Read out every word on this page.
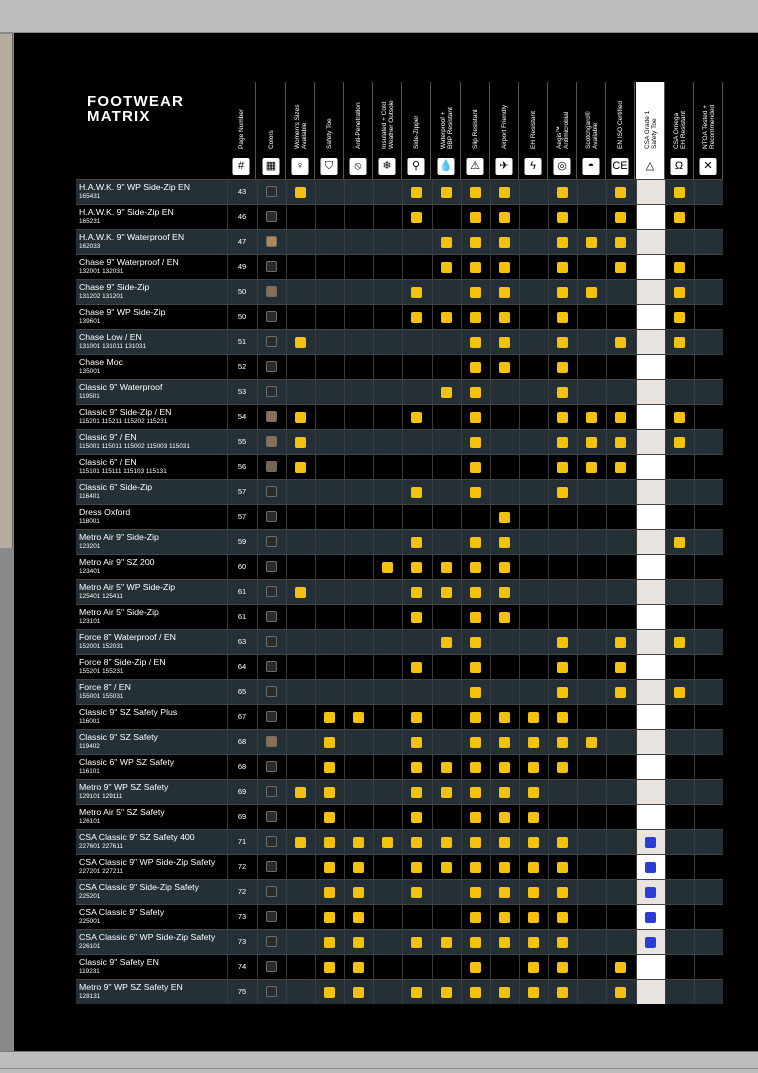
FOOTWEAR
MATRIX	Page Number
#
Colors
▦
Women's Sizes
Available
♀
Safety Toe
⛉
Anti-Penetration
⦸
Insulated + Cold
Weather Outsole
❄
Side-Zipper
⚲
Waterproof +
BBP Resistant
💧
Slip Resistant
⚠
Airport Friendly
✈
EH Resistant
ϟ
Aegis™
Antimicrobial
◎
Scotchgard®
Available
◓
EN ISO Certified
CE
CSA Grade 1
Safety Toe
△
CSA Omega
EH Resistant
Ω
NTOA Tested +
Recommended
✕
H.A.W.K. 9" WP Side-Zip EN
165431
43
H.A.W.K. 9" Side-Zip EN
165231
46
H.A.W.K. 9" Waterproof EN
162033
47
Chase 9" Waterproof / EN
132001 132031
49
Chase 9" Side-Zip
131202 131201
50
Chase 9" WP Side-Zip
139601
50
Chase Low / EN
131001 131011 131031
51
Chase Moc
135001
52
Classic 9" Waterproof
119501
53
Classic 9" Side-Zip / EN
115201 115211 115202 115231
54
Classic 9" / EN
115001 115011 115002 115003 115031
55
Classic 6" / EN
115101 115111 115103 115131
56
Classic 6" Side-Zip
116401
57
Dress Oxford
118001
57
Metro Air 9" Side-Zip
123201
59
Metro Air 9" SZ 200
123401
60
Metro Air 5" WP Side-Zip
125401 125411
61
Metro Air 5" Side-Zip
123101
61
Force 8" Waterproof / EN
152001 152031
63
Force 8" Side-Zip / EN
155201 155231
64
Force 8" / EN
155001 155031
65
Classic 9" SZ Safety Plus
116001
67
Classic 9" SZ Safety
119402
68
Classic 6" WP SZ Safety
116101
68
Metro 9" WP SZ Safety
129101 129111
69
Metro Air 5" SZ Safety
126101
69
CSA Classic 9" SZ Safety 400
227601 227611
71
CSA Classic 9" WP Side-Zip Safety
227201 227211
72
CSA Classic 9" Side-Zip Safety
225201
72
CSA Classic 9" Safety
225001
73
CSA Classic 6" WP Side-Zip Safety
226101
73
Classic 9" Safety EN
119231
74
Metro 9" WP SZ Safety EN
128131
75
